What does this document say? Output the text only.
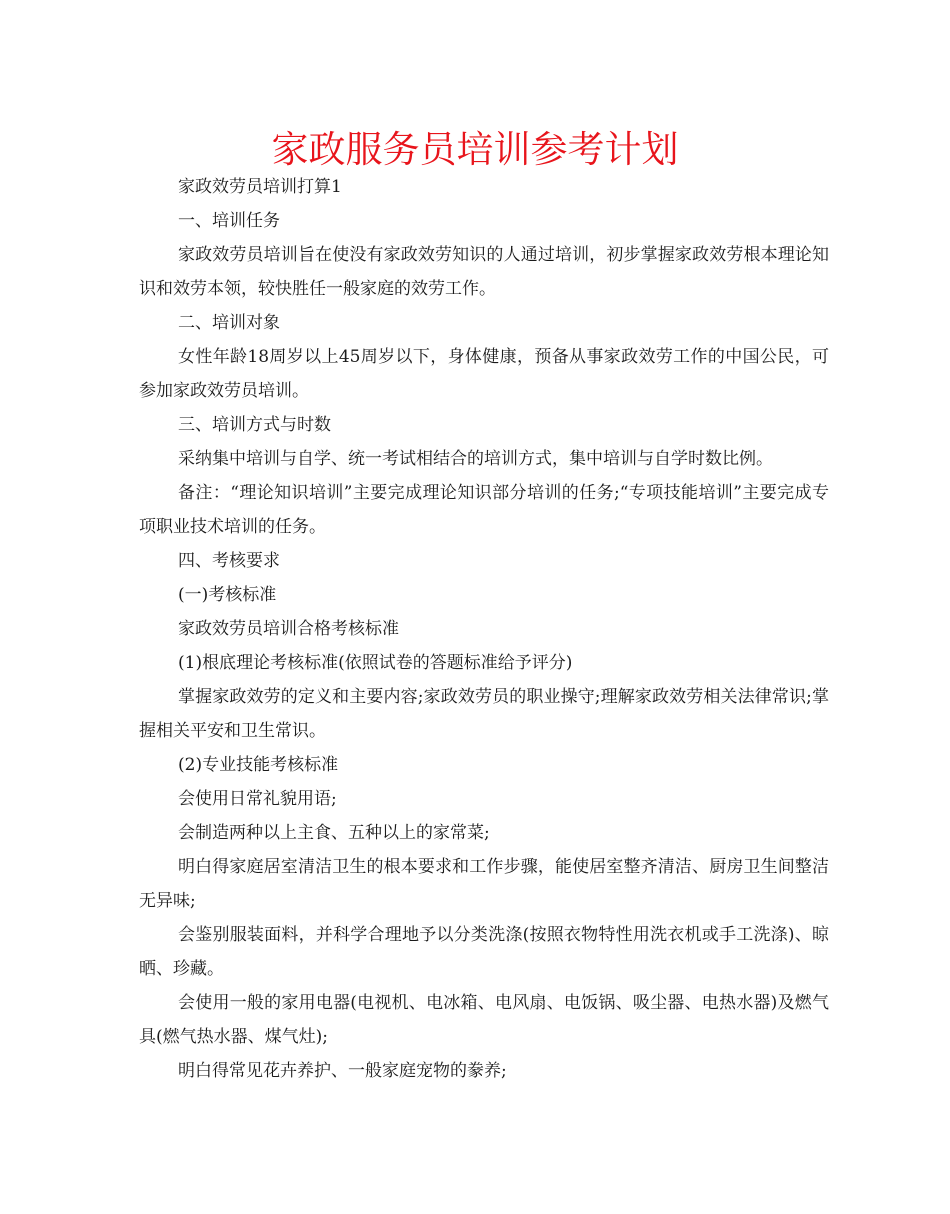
家政服务员培训参考计划

家政效劳员培训打算1

一、培训任务

家政效劳员培训旨在使没有家政效劳知识的人通过培训，初步掌握家政效劳根本理论知识和效劳本领，较快胜任一般家庭的效劳工作。

二、培训对象

女性年龄18周岁以上45周岁以下，身体健康，预备从事家政效劳工作的中国公民，可参加家政效劳员培训。

三、培训方式与时数

采纳集中培训与自学、统一考试相结合的培训方式，集中培训与自学时数比例。

备注：“理论知识培训”主要完成理论知识部分培训的任务;“专项技能培训”主要完成专项职业技术培训的任务。

四、考核要求

(一)考核标准

家政效劳员培训合格考核标准

(1)根底理论考核标准(依照试卷的答题标准给予评分)

掌握家政效劳的定义和主要内容;家政效劳员的职业操守;理解家政效劳相关法律常识;掌握相关平安和卫生常识。

(2)专业技能考核标准

会使用日常礼貌用语;

会制造两种以上主食、五种以上的家常菜;

明白得家庭居室清洁卫生的根本要求和工作步骤，能使居室整齐清洁、厨房卫生间整洁无异味;

会鉴别服装面料，并科学合理地予以分类洗涤(按照衣物特性用洗衣机或手工洗涤)、晾晒、珍藏。

会使用一般的家用电器(电视机、电冰箱、电风扇、电饭锅、吸尘器、电热水器)及燃气具(燃气热水器、煤气灶);

明白得常见花卉养护、一般家庭宠物的豢养;
